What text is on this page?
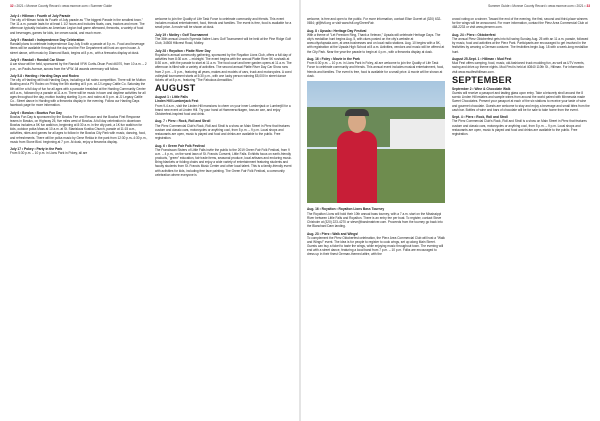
32 • 2021 • Monroe County Record • www.monroe.com • Summer Guide
July 4 • Hillman • Fourth of July Parade

The city of Hillman holds its Fourth of July parade as "The biggest Parade in the smallest town." The 11 a.m. parade lasts for at least 1 1/2 hours and includes floats, cars, tractors and more. The afternoon typically includes an American Legion ball game afterward, fireworks, a variety of food and beverages, games for kids, ice cream social, and much more.

July 5 • Randall • Independence Day Celebration

Randall plans to celebrate Independence Day July 5 with a parade at 5 p.m.. Food and beverage items will be available throughout the day and the Fire Department will host an open house. A street dance, with music by Diamond Back, begins at 8 p.m., with a fireworks display at dusk.

July 5 • Randall • Randall Car Show

A car show will be held, sponsored by the Randall VFW Curtis-Olson Post #6070, from 10 a.m. – 2 p.m., on Paulis Avenue, across from the VFW. All awards ceremony will follow.

July 5-8 • Harding • Harding Days and Rodeo

The city of Harding will hold Harding Days, including a full rodeo competition. There will be Mutton Busting and a PV Rodeo on Friday the 5th starting at 5 p.m. at JJ Legacy Cattle Co. Saturday the 6th will be a full day of fun for all ages with a pancake breakfast at the Harding Community Center at 8 a.m., followed by a parade at 11 a.m. There will be music in town and daytime activities for all ages throughout the day, mutton busting starting 3 p.m. and rodeo at 5 p.m. at JJ Legacy Cattle Co.. Street dance in Harding with a fireworks display in the evening. Follow our Harding Days facebook page for more information.

July 6 • Bowlus • Bowlus Fun Day

Bowlus Fun Day is sponsored by the Bowlus Fire and Rescue and the Bowlus First Response teams in Bowlus, on Highway 25, five miles west of Bowlus. A full day celebration in downtown Bowlus includes a 5K fun walk/run, beginning at 8:30 a.m. in the city park, a 1K fun walk/run for kids, outdoor polka Mass at 10 a.m. at St. Stanislaus Kostka Church, parade at 11:15 a.m., activities, rides and games for all ages to follow in the Bowlus City Park with music, dancing, food, and refreshments. There will be polka music by Gene Rekka in the park from 12:30 p.m.-4:30 p.m., music from Stone Blvd. beginning at 7 p.m. At dusk, enjoy a fireworks display.

July 17 • Pokey • Party in the Park

From 5:30 p.m. – 10 p.m. in Lions Park in Pokey, all are

welcome to join the Quality of Life Task Force to celebrate community and friends. This event includes musical entertainment, food, friends and families. The event is free, food is available for a small price. A movie will be shown at dusk.

July 19 • Motley • Golf Tournament

The 38th annual Lincoln Syrenda Vallee Lions Golf Tournament will be held at the Pine Ridge Golf Club, 34508 Hillcrest Road, Motley.

July 28 • Royalton • Platte River Day

Royalton's annual community gathering, sponsored by the Royalton Lions Club, offers a full day of activities from 8:30 a.m. – midnight. The event begins with the annual Platte River 5K run/walk at 8:30 a.m., with the parade to start at 11 a.m. The food court and beer garden opens at 11 a.m. The afternoon is filled with a variety of activities. The second annual Platte River Day Car Show runs from 2 p.m. – 5 p.m., featuring all years, makes and models of cars, truck and motorcycles. A coed volleyball tournament starts at 5:30 p.m., with one lucky person winning $5,000 in street dance tickets off at 8 p.m., featuring "The Fabulous Armadillos."

AUGUST
August 1 • Little Falls
Linden Hill Lumberjack Fest

From 9-4 a.m., visit the Linden Hill mansions to cheer on your inner Lumberjack or Lumberjill for a brand new event at Linden Hill. Try your hand at Hammerschlagen, toss an axe, and enjoy Oktoberfest-inspired food and drink.

Aug. 7 • Pierz • Rock, Roll and Stroll

The Pierz Commercial Club's Rock, Roll and Stroll is a show on Main Street in Pierz that features custom and classic cars, motorcycles or anything cool, from 5 p.m. – 9 p.m. Local shops and restaurants are open, music is played and food and drinks are available to the public. Free registration.

Aug. 6 • Green Fair Folk Festival

The Franciscan Sisters of Little Falls invite the public to the 2019 Green Fair Folk Festival, from 9 a.m. – 4 p.m., on the west lawn of St. Francis Convent, Little Falls. Exhibits focus on earth-friendly products, "green" education, fair trade items, seasonal produce, local artisans and enduring music. Bring blankets or folding chairs and enjoy a wide variety of entertainment featuring students and faculty students from St. Francis Music Center and other local talent. This is a family-friendly event with activities for kids, including free face painting. The Green Fair Folk Festival, a community celebration where everyone is

Summer Guide • Monroe County Record • www.monroe.com • 2021 • 33

welcome, is free and open to the public. For more information, contact Elise Gueret at (320) 632-0654; gf@fsfl.org or visit www.fsfl.org/GreenFair.

Aug. 8 • Upsala • Heritage Day Festival

With a theme of "Let Freedom Ring, Thank a Veteran," Upsala will celebrate Heritage Days. The city's medallion hunt begins Aug. 5, with clues posted on the city's website at www.cityofupsala.com, at area businesses and on local radio stations. Aug. 10 begins with a 5K, with registration at the Upsala High School at 8 a.m. Activities, vendors and music will be offered at the City Park. Near the year the parade to begin at 4 p.m., with a fireworks display at dusk.

Aug. 16 • Foley • Movie in the Park

From 6:30 p.m. – 10 p.m. in Lions Park in Foley, all are welcome to join the Quality of Life Task Force to celebrate community and friends. This annual event includes musical entertainment, food, friends and families. The event is free, food is available for a small price. A movie will be shown at dusk.

Aug. 16 • Royalton • Royalton Lions Bass Tourney

The Royalton Lions will hold their 10th annual bass tourney, with a 7 a.m. start on the Mississippi River between Little Falls and Royalton. There is an entry fee per boat. To register, contact Steve Chisholm at (320) 223-4270 or steve@bandmatriver.com. Proceeds from the tourney go back into the Blanchard Dam landing.

Aug. 23 • Pierz • Walk and Wings!

To complement the Pierz Oktoberfest celebration, the Pierz Area Commercial Club will host a "Walk and Wings!" event. The idea is for people to register to cook wings, set up along Main Street. Guests can buy a ticket to taste the wings, while enjoying music throughout town. The evening will end with a street dance, featuring a local band from 7 p.m. – 10 p.m. Folks are encouraged to dress up in their finest German-themed attire, with the

crowd voting on a winner. Toward the end of the evening, the first, second and third-place winners for the wings will be announced. For more information, contact the Pierz Area Commercial Club at 468-2233 or visit www.pierzmn.com.

Aug. 24 • Pierz • Oktoberfest

The annual Pierz Oktoberfest gets into full swing Sunday Aug. 25 with an 11 a.m. parade, followed by music, food and activities at the Pierz Park. Participants are encouraged to get involved in the festivities by wearing a German costume. The festivities begin Aug. 18 with a week-long medallion hunt.

August 25-Sept. 1 • Hillman • Mud Fest

Mud Fest offers camping, food, music, old-fashioned truck mudding fun, as well as UTV events, racing and drive-up theme nights. Mud Fest is held at 40840 110th St., Hillman. For information visit www.mudfesthillman.com.

SEPTEMBER
September 2 • Wine & Chocolate Walk

Guests will receive a passport and tasting glass upon entry. Take a leisurely stroll around the 8 scenic Linden Hill estates and sample wines from around the world paired with Minnesota made Sweet Chocolates. Present your passport at each of the six stations to receive your taste of wine and gourmet chocolate. Guests are welcome to stay and enjoy a beverage and small bites from the cash bar. Bottles of wine and bars of chocolate will be for sale to take home from the event.

Sept. 4 • Pierz • Rock, Roll and Stroll

The Pierz Commercial Club's Rock, Roll and Stroll is a show on Main Street in Pierz that features custom and classic cars, motorcycles or anything cool, from 5 p.m. – 9 p.m. Local shops and restaurants are open, music is played and food and drinks are available to the public. Free registration.
